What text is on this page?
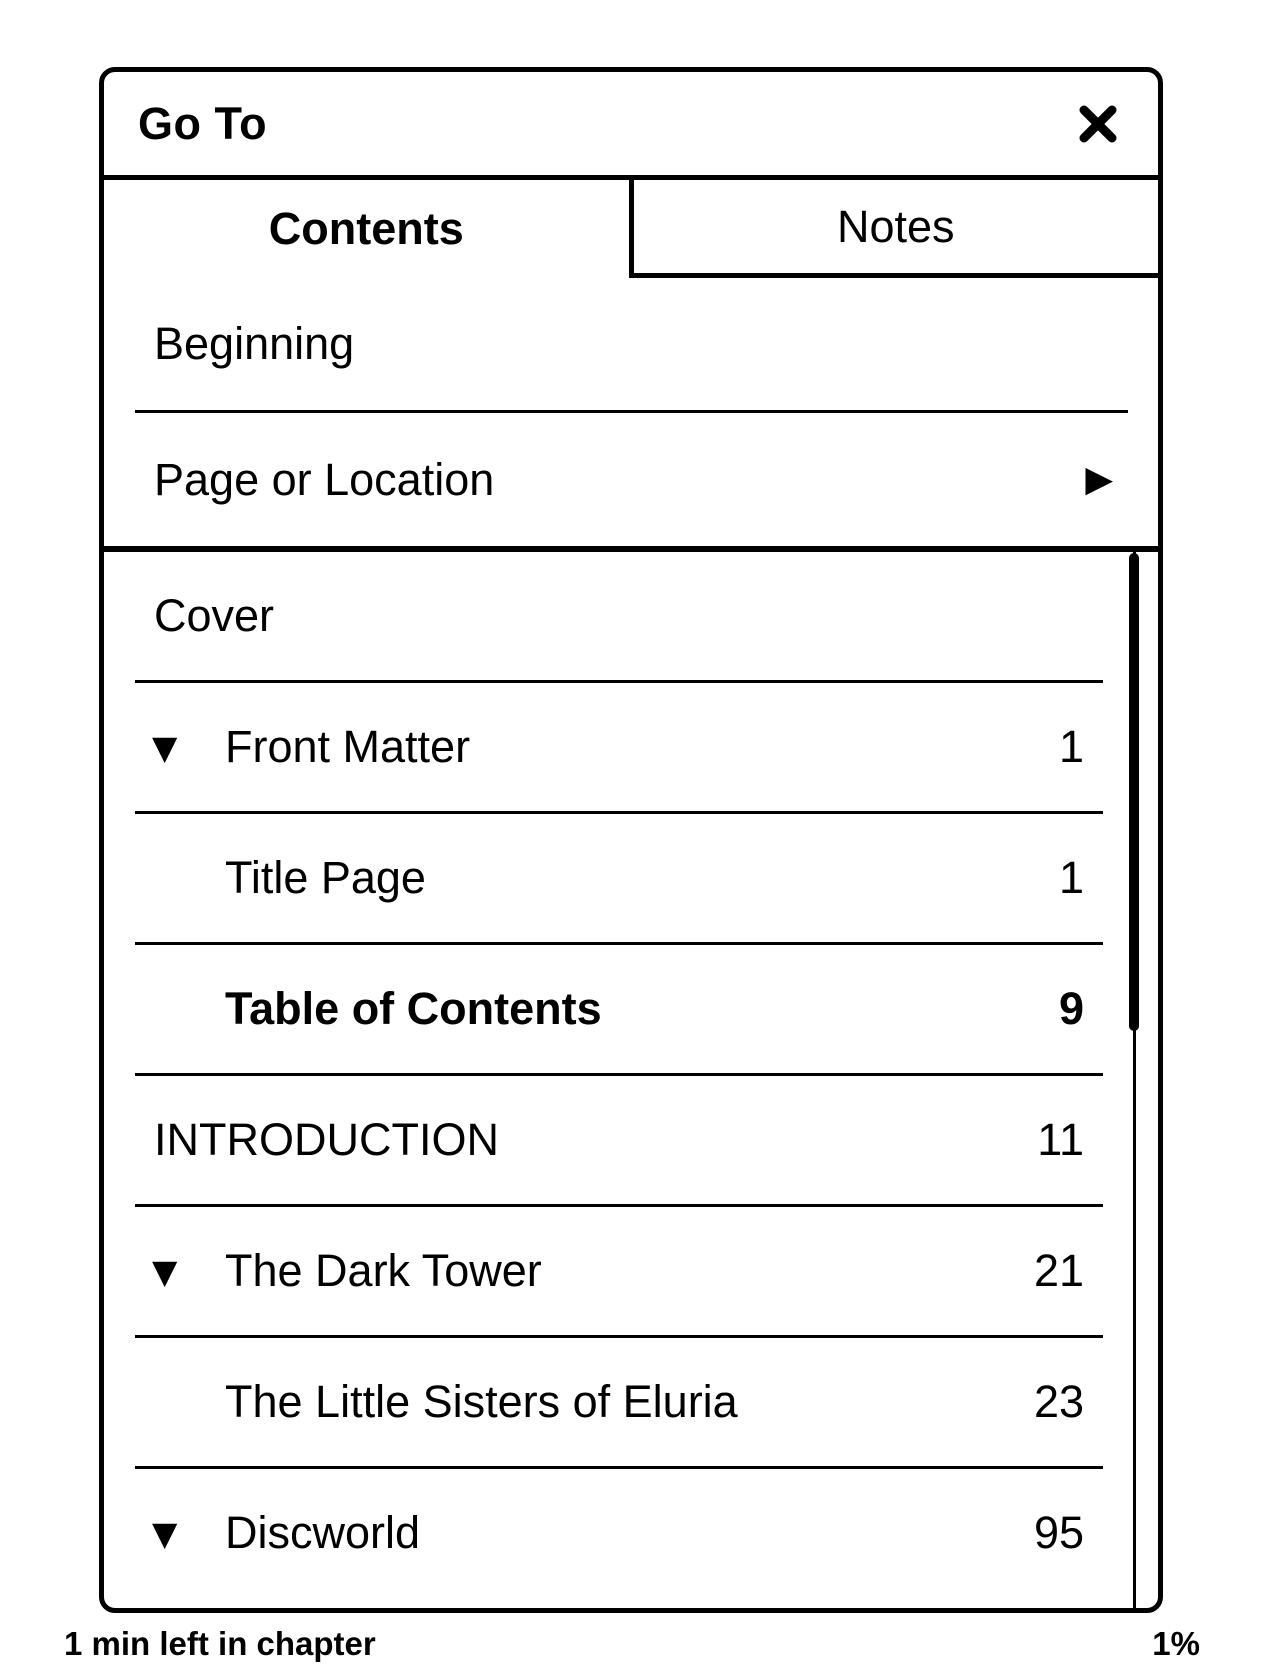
Go To
Contents	Notes
Beginning
Page or Location	▶
Cover
▼	Front Matter	1
Title Page	1
Table of Contents	9
INTRODUCTION	11
▼	The Dark Tower	21
The Little Sisters of Eluria	23
▼	Discworld	95
1 min left in chapter	1%
